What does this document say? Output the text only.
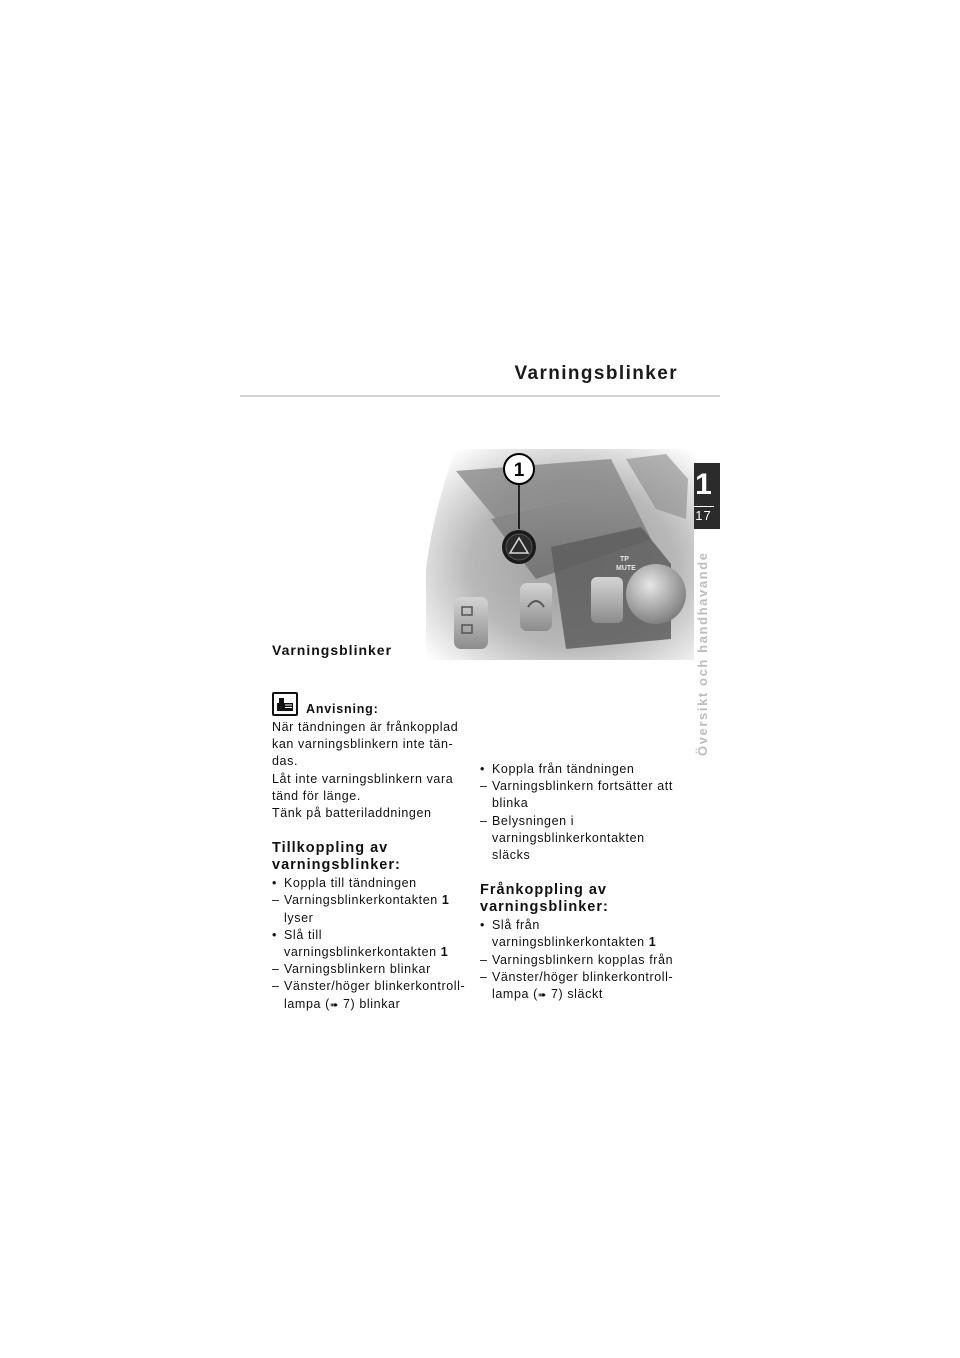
Varningsblinker
1
17
Översikt och handhavande
TP
MUTE
1
Varningsblinker
Anvisning:

När tändningen är frånkopplad

kan varningsblinkern inte tän-

das.

Låt inte varningsblinkern vara

tänd för länge.

Tänk på batteriladdningen

Tillkoppling av
varningsblinker:
• Koppla till tändningen
– Varningsblinkerkontakten 1
lyser
• Slå till
varningsblinkerkontakten 1
– Varningsblinkern blinkar
– Vänster/höger blinkerkontroll-
lampa (➠ 7) blinkar
• Koppla från tändningen
– Varningsblinkern fortsätter att
blinka
– Belysningen i
varningsblinkerkontakten
släcks
Frånkoppling av
varningsblinker:
• Slå från
varningsblinkerkontakten 1
– Varningsblinkern kopplas från
– Vänster/höger blinkerkontroll-
lampa (➠ 7) släckt
